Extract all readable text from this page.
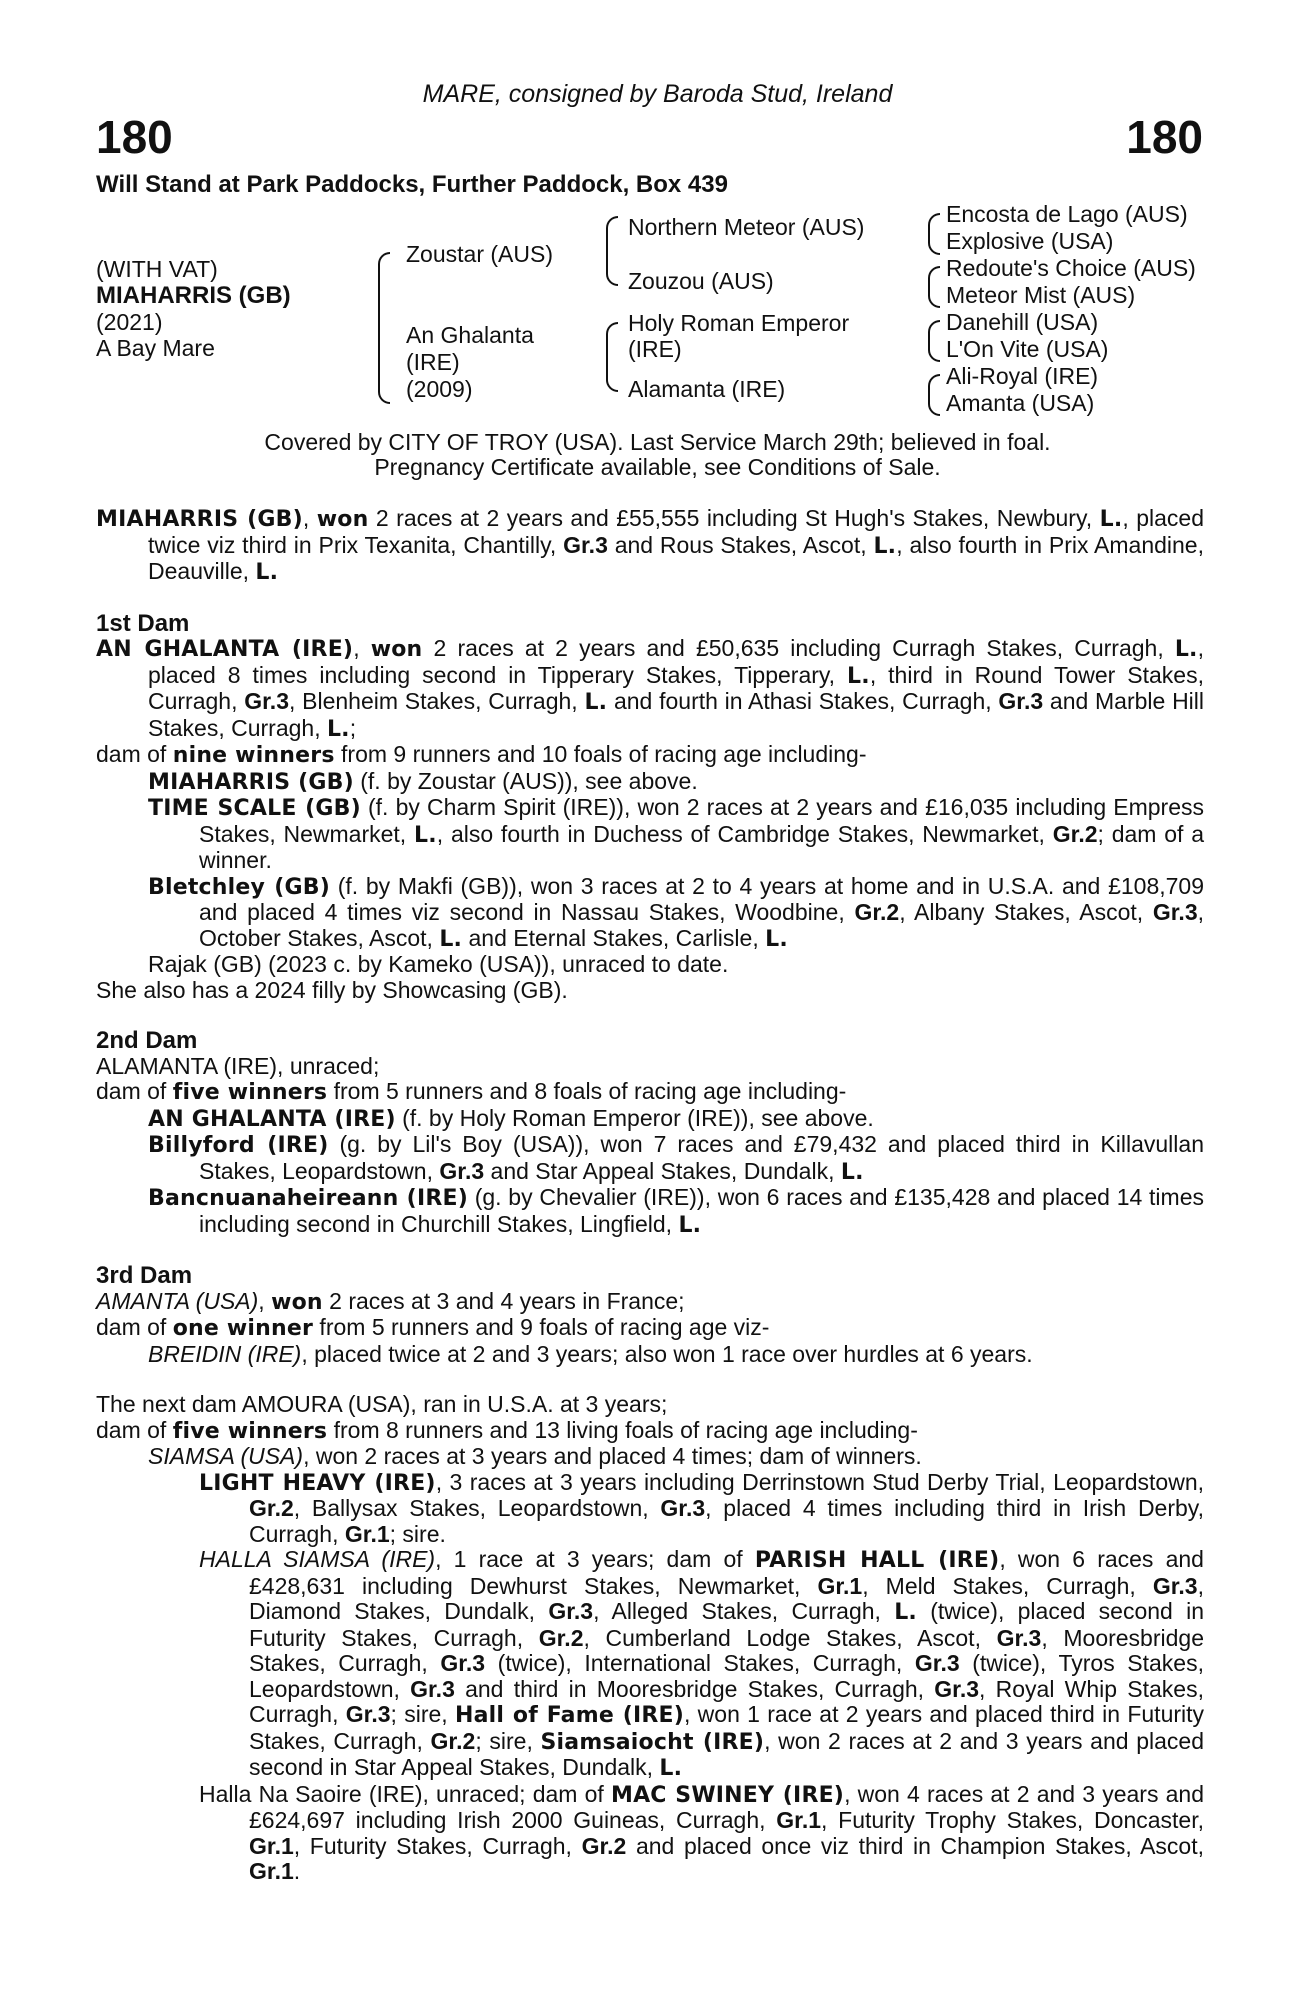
MARE, consigned by Baroda Stud, Ireland
180	180
Will Stand at Park Paddocks, Further Paddock, Box 439
(WITH VAT)
MIAHARRIS (GB)
(2021)
A Bay Mare
Zoustar (AUS)
An Ghalanta
(IRE)
(2009)
Northern Meteor (AUS)
Zouzou (AUS)
Holy Roman Emperor
(IRE)
Alamanta (IRE)
Encosta de Lago (AUS)
Explosive (USA)
Redoute's Choice (AUS)
Meteor Mist (AUS)
Danehill (USA)
L'On Vite (USA)
Ali-Royal (IRE)
Amanta (USA)
Covered by CITY OF TROY (USA). Last Service March 29th; believed in foal.
Pregnancy Certificate available, see Conditions of Sale.

MIAHARRIS (GB), won 2 races at 2 years and £55,555 including St Hugh's Stakes, Newbury, L., placed twice viz third in Prix Texanita, Chantilly, Gr.3 and Rous Stakes, Ascot, L., also fourth in Prix Amandine, Deauville, L.

1st Dam

AN GHALANTA (IRE), won 2 races at 2 years and £50,635 including Curragh Stakes, Curragh, L., placed 8 times including second in Tipperary Stakes, Tipperary, L., third in Round Tower Stakes, Curragh, Gr.3, Blenheim Stakes, Curragh, L. and fourth in Athasi Stakes, Curragh, Gr.3 and Marble Hill Stakes, Curragh, L.;

dam of nine winners from 9 runners and 10 foals of racing age including-

MIAHARRIS (GB) (f. by Zoustar (AUS)), see above.

TIME SCALE (GB) (f. by Charm Spirit (IRE)), won 2 races at 2 years and £16,035 including Empress Stakes, Newmarket, L., also fourth in Duchess of Cambridge Stakes, Newmarket, Gr.2; dam of a winner.

Bletchley (GB) (f. by Makfi (GB)), won 3 races at 2 to 4 years at home and in U.S.A. and £108,709 and placed 4 times viz second in Nassau Stakes, Woodbine, Gr.2, Albany Stakes, Ascot, Gr.3, October Stakes, Ascot, L. and Eternal Stakes, Carlisle, L.

Rajak (GB) (2023 c. by Kameko (USA)), unraced to date.

She also has a 2024 filly by Showcasing (GB).

2nd Dam

ALAMANTA (IRE), unraced;

dam of five winners from 5 runners and 8 foals of racing age including-

AN GHALANTA (IRE) (f. by Holy Roman Emperor (IRE)), see above.

Billyford (IRE) (g. by Lil's Boy (USA)), won 7 races and £79,432 and placed third in Killavullan Stakes, Leopardstown, Gr.3 and Star Appeal Stakes, Dundalk, L.

Bancnuanaheireann (IRE) (g. by Chevalier (IRE)), won 6 races and £135,428 and placed 14 times including second in Churchill Stakes, Lingfield, L.

3rd Dam

AMANTA (USA), won 2 races at 3 and 4 years in France;

dam of one winner from 5 runners and 9 foals of racing age viz-

BREIDIN (IRE), placed twice at 2 and 3 years; also won 1 race over hurdles at 6 years.

The next dam AMOURA (USA), ran in U.S.A. at 3 years;

dam of five winners from 8 runners and 13 living foals of racing age including-

SIAMSA (USA), won 2 races at 3 years and placed 4 times; dam of winners.

LIGHT HEAVY (IRE), 3 races at 3 years including Derrinstown Stud Derby Trial, Leopardstown, Gr.2, Ballysax Stakes, Leopardstown, Gr.3, placed 4 times including third in Irish Derby, Curragh, Gr.1; sire.

HALLA SIAMSA (IRE), 1 race at 3 years; dam of PARISH HALL (IRE), won 6 races and £428,631 including Dewhurst Stakes, Newmarket, Gr.1, Meld Stakes, Curragh, Gr.3, Diamond Stakes, Dundalk, Gr.3, Alleged Stakes, Curragh, L. (twice), placed second in Futurity Stakes, Curragh, Gr.2, Cumberland Lodge Stakes, Ascot, Gr.3, Mooresbridge Stakes, Curragh, Gr.3 (twice), International Stakes, Curragh, Gr.3 (twice), Tyros Stakes, Leopardstown, Gr.3 and third in Mooresbridge Stakes, Curragh, Gr.3, Royal Whip Stakes, Curragh, Gr.3; sire, Hall of Fame (IRE), won 1 race at 2 years and placed third in Futurity Stakes, Curragh, Gr.2; sire, Siamsaiocht (IRE), won 2 races at 2 and 3 years and placed second in Star Appeal Stakes, Dundalk, L.

Halla Na Saoire (IRE), unraced; dam of MAC SWINEY (IRE), won 4 races at 2 and 3 years and £624,697 including Irish 2000 Guineas, Curragh, Gr.1, Futurity Trophy Stakes, Doncaster, Gr.1, Futurity Stakes, Curragh, Gr.2 and placed once viz third in Champion Stakes, Ascot, Gr.1.
